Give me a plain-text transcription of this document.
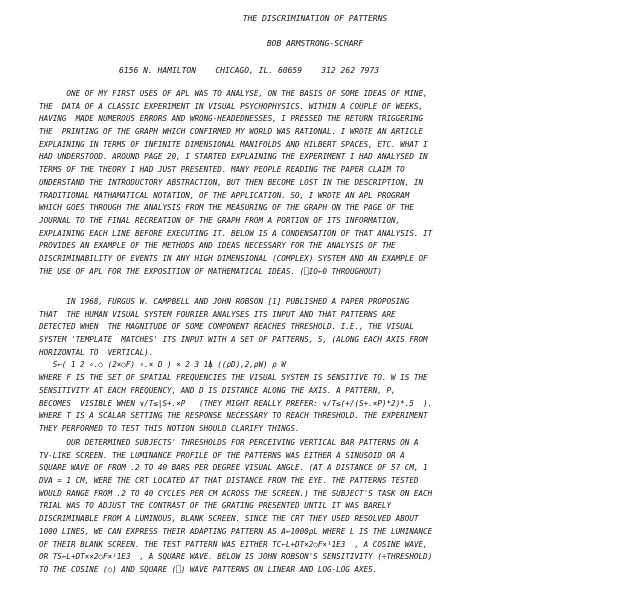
THE DISCRIMINATION OF PATTERNS
BOB ARMSTRONG-SCHARF
6156 N. HAMILTON    CHICAGO, IL. 60659    312 262 7973
ONE OF MY FIRST USES OF APL WAS TO ANALYSE, ON THE BASIS OF SOME IDEAS OF MINE,
THE  DATA OF A CLASSIC EXPERIMENT IN VISUAL PSYCHOPHYSICS. WITHIN A COUPLE OF WEEKS,
HAVING  MADE NUMEROUS ERRORS AND WRONG-HEADEDNESSES, I PRESSED THE RETURN TRIGGERING
THE  PRINTING OF THE GRAPH WHICH CONFIRMED MY WORLD WAS RATIONAL. I WROTE AN ARTICLE
EXPLAINING IN TERMS OF INFINITE DIMENSIONAL MANIFOLDS AND HILBERT SPACES, ETC. WHAT I
HAD UNDERSTOOD. AROUND PAGE 20, I STARTED EXPLAINING THE EXPERIMENT I HAD ANALYSED IN
TERMS OF THE THEORY I HAD JUST PRESENTED. MANY PEOPLE READING THE PAPER CLAIM TO
UNDERSTAND THE INTRODUCTORY ABSTRACTION, BUT THEN BECOME LOST IN THE DESCRIPTION, IN
TRADITIONAL MATHAMATICAL NOTATION, OF THE APPLICATION. SO, I WROTE AN APL PROGRAM
WHICH GOES THROUGH THE ANALYSIS FROM THE MEASURING OF THE GRAPH ON THE PAGE OF THE
JOURNAL TO THE FINAL RECREATION OF THE GRAPH FROM A PORTION OF ITS INFORMATION,
EXPLAINING EACH LINE BEFORE EXECUTING IT. BELOW IS A CONDENSATION OF THAT ANALYSIS. IT
PROVIDES AN EXAMPLE OF THE METHODS AND IDEAS NECESSARY FOR THE ANALYSIS OF THE
DISCRIMINABILITY OF EVENTS IN ANY HIGH DIMENSIONAL (COMPLEX) SYSTEM AND AN EXAMPLE OF
THE USE OF APL FOR THE EXPOSITION OF MATHEMATICAL IDEAS. (⎕IO←0 THROUGHOUT)
IN 1968, FURGUS W. CAMPBELL AND JOHN ROBSON [1] PUBLISHED A PAPER PROPOSING
THAT  THE HUMAN VISUAL SYSTEM FOURIER ANALYSES ITS INPUT AND THAT PATTERNS ARE
DETECTED WHEN  THE MAGNITUDE OF SOME COMPONENT REACHES THRESHOLD. I.E., THE VISUAL
SYSTEM 'TEMPLATE  MATCHES' ITS INPUT WITH A SET OF PATTERNS, S, (ALONG EACH AXIS FROM
HORIZONTAL TO  VERTICAL).
S←( 1 2 ∘.○ (2×○F) ∘.× D ) × 2 3 1⍋ ((ρD),2,ρW) ρ W
WHERE F IS THE SET OF SPATIAL FREQUENCIES THE VISUAL SYSTEM IS SENSITIVE TO. W IS THE
SENSITIVITY AT EACH FREQUENCY, AND D IS DISTANCE ALONG THE AXIS. A PATTERN, P,
BECOMES  VISIBLE WHEN ∨/T≤|S+.×P   (THEY MIGHT REALLY PREFER: ∨/T≤(+/(S+.×P)*2)*.5  ).
WHERE T IS A SCALAR SETTING THE RESPONSE NECESSARY TO REACH THRESHOLD. THE EXPERIMENT
THEY PERFORMED TO TEST THIS NOTION SHOULD CLARIFY THINGS.
OUR DETERMINED SUBJECTS' THRESHOLDS FOR PERCEIVING VERTICAL BAR PATTERNS ON A
TV-LIKE SCREEN. THE LUMINANCE PROFILE OF THE PATTERNS WAS EITHER A SINUSOID OR A
SQUARE WAVE OF FROM .2 TO 40 BARS PER DEGREE VISUAL ANGLE. (AT A DISTANCE OF 57 CM, 1
DVA = 1 CM, WERE THE CRT LOCATED AT THAT DISTANCE FROM THE EYE. THE PATTERNS TESTED
WOULD RANGE FROM .2 TO 40 CYCLES PER CM ACROSS THE SCREEN.) THE SUBJECT'S TASK ON EACH
TRIAL WAS TO ADJUST THE CONTRAST OF THE GRATING PRESENTED UNTIL IT WAS BARELY
DISCRIMINABLE FROM A LUMINOUS, BLANK SCREEN. SINCE THE CRT THEY USED RESOLVED ABOUT
1000 LINES, WE CAN EXPRESS THEIR ADAPTING PATTERN AS A←1000ρL WHERE L IS THE LUMINANCE
OF THEIR BLANK SCREEN. THE TEST PATTERN WAS EITHER TC←L+DT×2○F×¹1E3  , A COSINE WAVE,
OR TS←L+DT××2○F×¹1E3  , A SQUARE WAVE. BELOW IS JOHN ROBSON'S SENSITIVITY (÷THRESHOLD)
TO THE COSINE (○) AND SQUARE (⎕) WAVE PATTERNS ON LINEAR AND LOG-LOG AXES.
